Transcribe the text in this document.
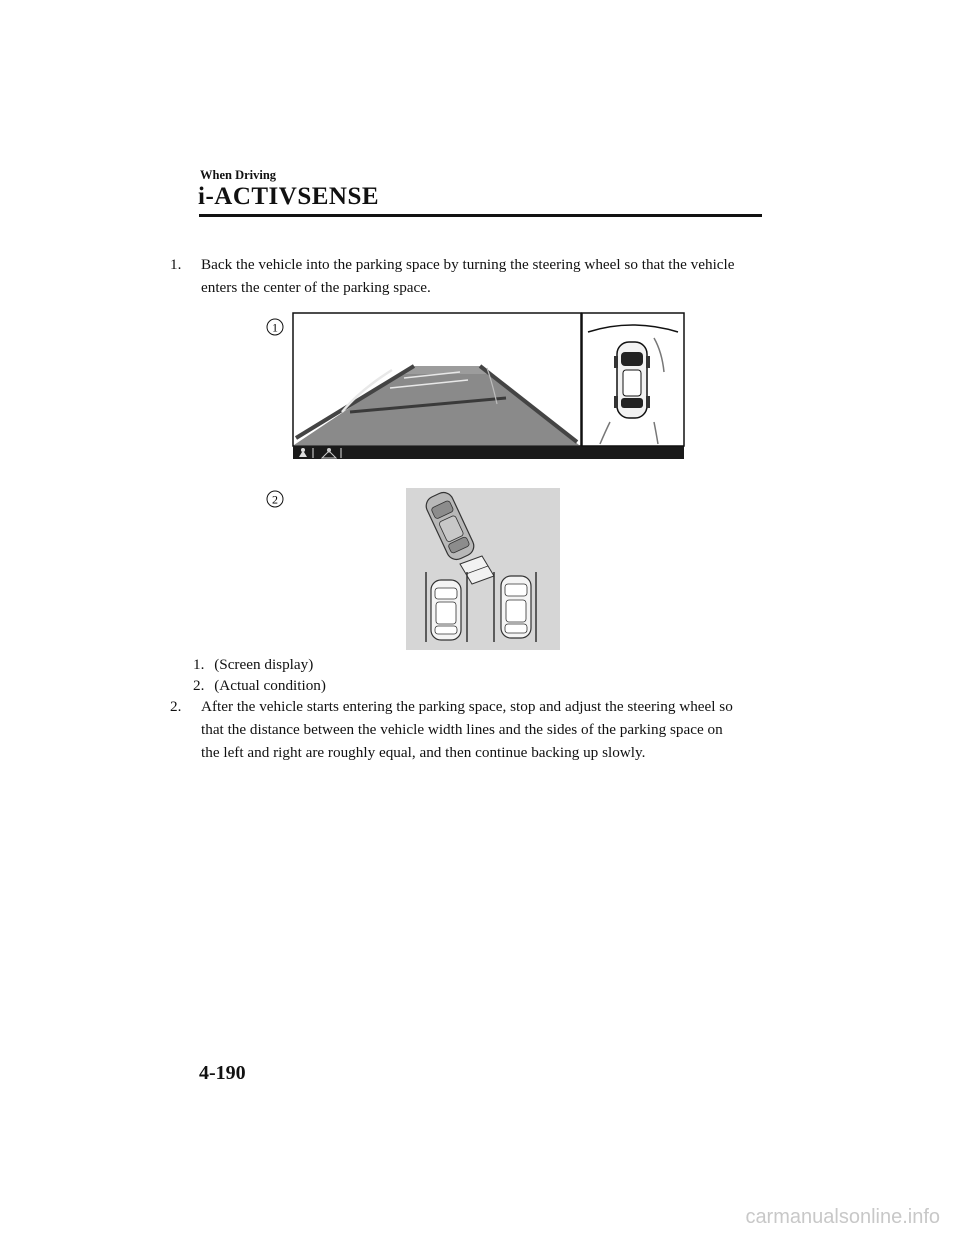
When Driving
i-ACTIVSENSE
1. Back the vehicle into the parking space by turning the steering wheel so that the vehicle
enters the center of the parking space.
1
2
1. (Screen display)
2. (Actual condition)
2. After the vehicle starts entering the parking space, stop and adjust the steering wheel so
that the distance between the vehicle width lines and the sides of the parking space on
the left and right are roughly equal, and then continue backing up slowly.
4-190
carmanualsonline.info
